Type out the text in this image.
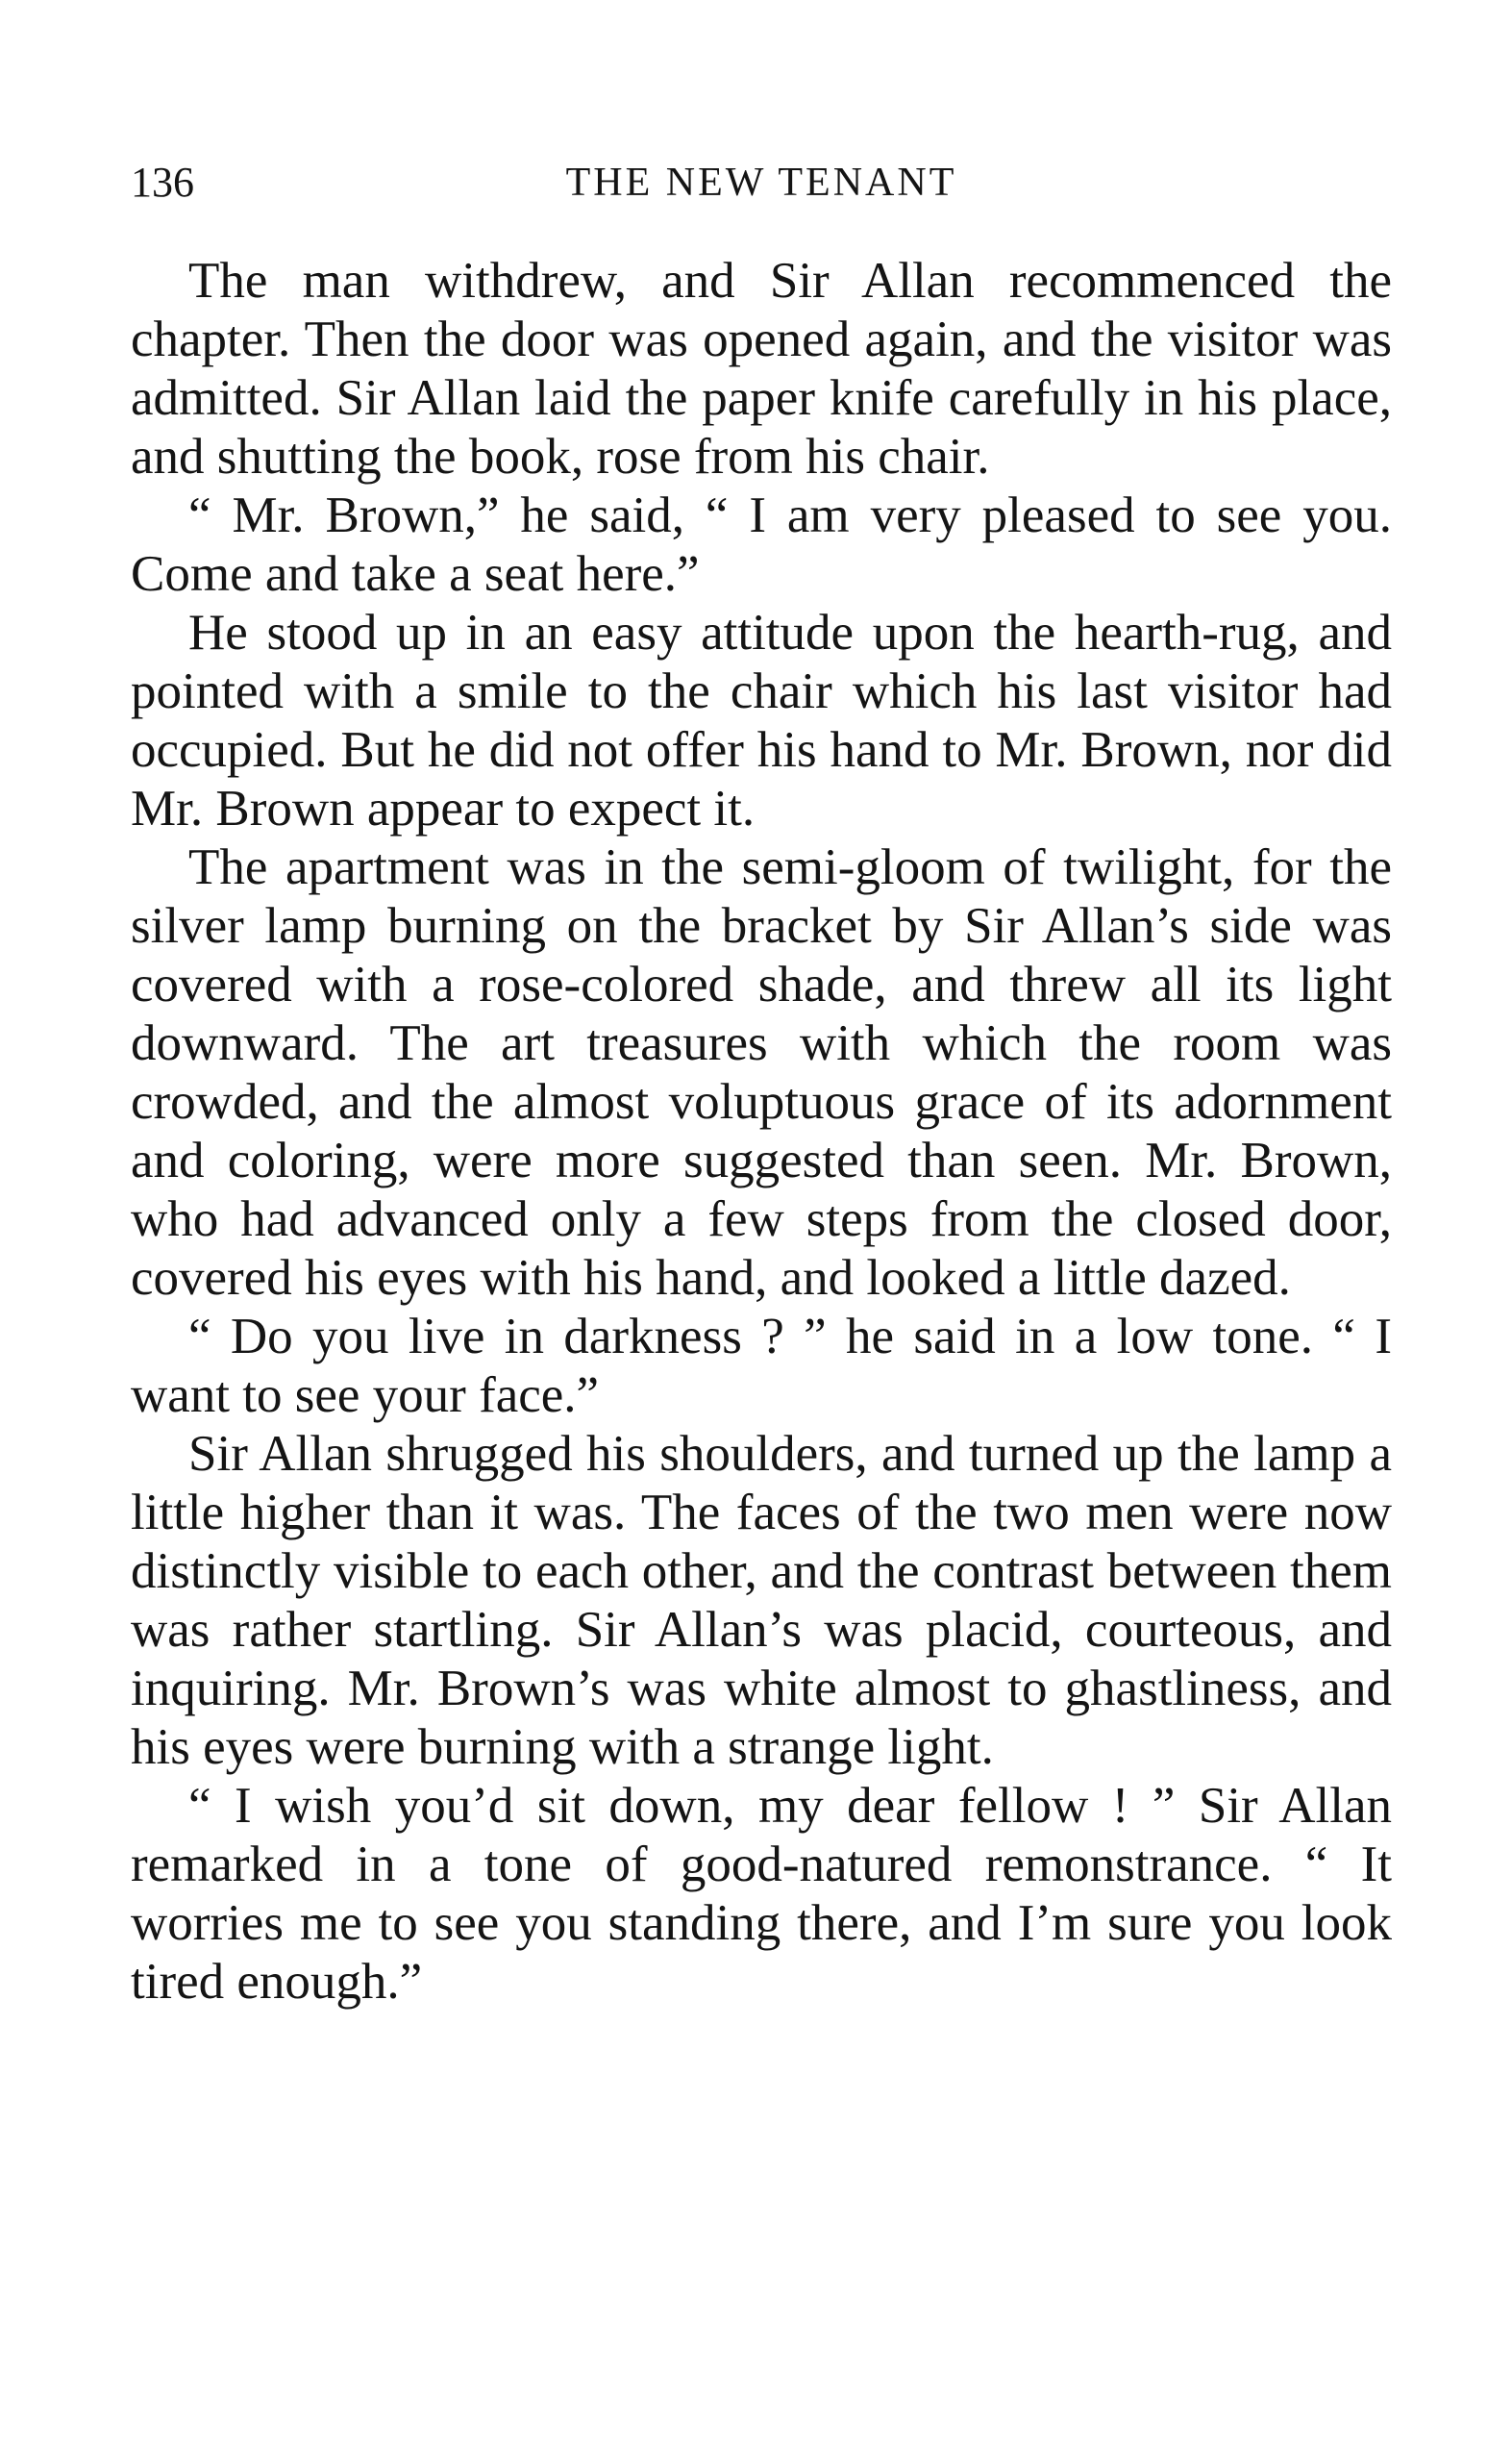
136	THE NEW TENANT

The man withdrew, and Sir Allan recommenced the chapter. Then the door was opened again, and the visitor was admitted. Sir Allan laid the paper knife carefully in his place, and shutting the book, rose from his chair.

“ Mr. Brown,” he said, “ I am very pleased to see you. Come and take a seat here.”

He stood up in an easy attitude upon the hearth-rug, and pointed with a smile to the chair which his last visitor had occupied. But he did not offer his hand to Mr. Brown, nor did Mr. Brown appear to expect it.

The apartment was in the semi-gloom of twilight, for the silver lamp burning on the bracket by Sir Allan’s side was covered with a rose-colored shade, and threw all its light downward. The art treasures with which the room was crowded, and the almost voluptuous grace of its adornment and coloring, were more suggested than seen. Mr. Brown, who had advanced only a few steps from the closed door, covered his eyes with his hand, and looked a little dazed.

“ Do you live in darkness ? ” he said in a low tone. “ I want to see your face.”

Sir Allan shrugged his shoulders, and turned up the lamp a little higher than it was. The faces of the two men were now distinctly visible to each other, and the contrast between them was rather startling. Sir Allan’s was placid, courteous, and inquiring. Mr. Brown’s was white almost to ghastliness, and his eyes were burning with a strange light.

“ I wish you’d sit down, my dear fellow ! ” Sir Allan remarked in a tone of good-natured remonstrance. “ It worries me to see you standing there, and I’m sure you look tired enough.”
